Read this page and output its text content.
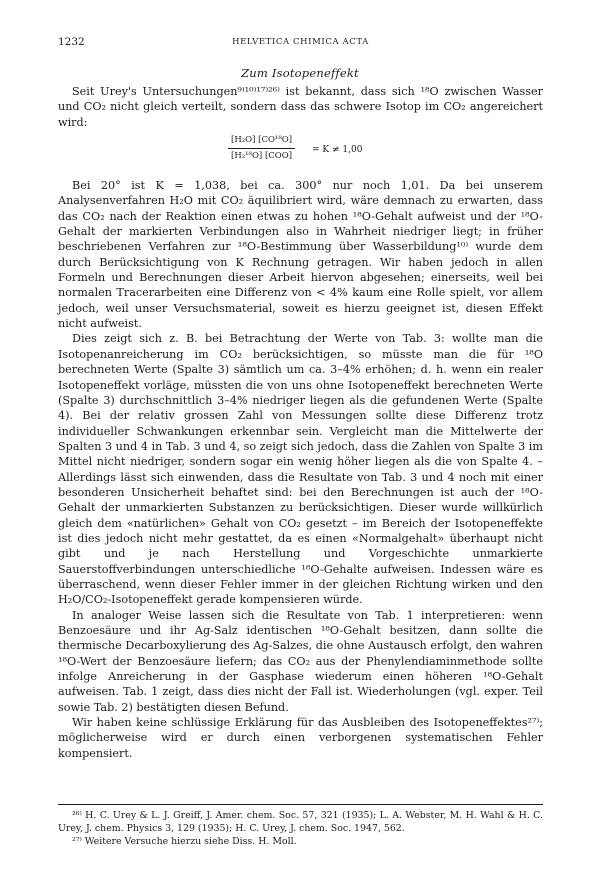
1232	HELVETICA CHIMICA ACTA
Zum Isotopeneffekt

Seit Urey's Untersuchungen⁹⁾¹⁰⁾¹⁷⁾²⁶⁾ ist bekannt, dass sich ¹⁸O zwischen Wasser und CO₂ nicht gleich verteilt, sondern dass das schwere Isotop im CO₂ angereichert wird:

[H₂O] [CO¹⁸O]
[H₂¹⁸O] [COO]
= K ≠ 1,00

Bei 20° ist K = 1,038, bei ca. 300° nur noch 1,01. Da bei unserem Analysenverfahren H₂O mit CO₂ äquilibriert wird, wäre demnach zu erwarten, dass das CO₂ nach der Reaktion einen etwas zu hohen ¹⁸O-Gehalt aufweist und der ¹⁸O-Gehalt der markierten Verbindungen also in Wahrheit niedriger liegt; in früher beschriebenen Verfahren zur ¹⁸O-Bestimmung über Wasserbildung¹⁰⁾ wurde dem durch Berücksichtigung von K Rechnung getragen. Wir haben jedoch in allen Formeln und Berechnungen dieser Arbeit hiervon abgesehen; einerseits, weil bei normalen Tracerarbeiten eine Differenz von < 4% kaum eine Rolle spielt, vor allem jedoch, weil unser Versuchsmaterial, soweit es hierzu geeignet ist, diesen Effekt nicht aufweist.

Dies zeigt sich z. B. bei Betrachtung der Werte von Tab. 3: wollte man die Isotopenanreicherung im CO₂ berücksichtigen, so müsste man die für ¹⁸O berechneten Werte (Spalte 3) sämtlich um ca. 3–4% erhöhen; d. h. wenn ein realer Isotopeneffekt vorläge, müssten die von uns ohne Isotopeneffekt berechneten Werte (Spalte 3) durchschnittlich 3–4% niedriger liegen als die gefundenen Werte (Spalte 4). Bei der relativ grossen Zahl von Messungen sollte diese Differenz trotz individueller Schwankungen erkennbar sein. Vergleicht man die Mittelwerte der Spalten 3 und 4 in Tab. 3 und 4, so zeigt sich jedoch, dass die Zahlen von Spalte 3 im Mittel nicht niedriger, sondern sogar ein wenig höher liegen als die von Spalte 4. – Allerdings lässt sich einwenden, dass die Resultate von Tab. 3 und 4 noch mit einer besonderen Unsicherheit behaftet sind: bei den Berechnungen ist auch der ¹⁸O-Gehalt der unmarkierten Substanzen zu berücksichtigen. Dieser wurde willkürlich gleich dem «natürlichen» Gehalt von CO₂ gesetzt – im Bereich der Isotopeneffekte ist dies jedoch nicht mehr gestattet, da es einen «Normalgehalt» überhaupt nicht gibt und je nach Herstellung und Vorgeschichte unmarkierte Sauerstoffverbindungen unterschiedliche ¹⁸O-Gehalte aufweisen. Indessen wäre es überraschend, wenn dieser Fehler immer in der gleichen Richtung wirken und den H₂O/CO₂-Isotopeneffekt gerade kompensieren würde.

In analoger Weise lassen sich die Resultate von Tab. 1 interpretieren: wenn Benzoesäure und ihr Ag-Salz identischen ¹⁸O-Gehalt besitzen, dann sollte die thermische Decarboxylierung des Ag-Salzes, die ohne Austausch erfolgt, den wahren ¹⁸O-Wert der Benzoesäure liefern; das CO₂ aus der Phenylendiaminmethode sollte infolge Anreicherung in der Gasphase wiederum einen höheren ¹⁸O-Gehalt aufweisen. Tab. 1 zeigt, dass dies nicht der Fall ist. Wiederholungen (vgl. exper. Teil sowie Tab. 2) bestätigten diesen Befund.

Wir haben keine schlüssige Erklärung für das Ausbleiben des Isotopeneffektes²⁷⁾; möglicherweise wird er durch einen verborgenen systematischen Fehler kompensiert.

²⁶⁾ H. C. Urey & L. J. Greiff, J. Amer. chem. Soc. 57, 321 (1935); L. A. Webster, M. H. Wahl & H. C. Urey, J. chem. Physics 3, 129 (1935); H. C. Urey, J. chem. Soc. 1947, 562.

²⁷⁾ Weitere Versuche hierzu siehe Diss. H. Moll.
